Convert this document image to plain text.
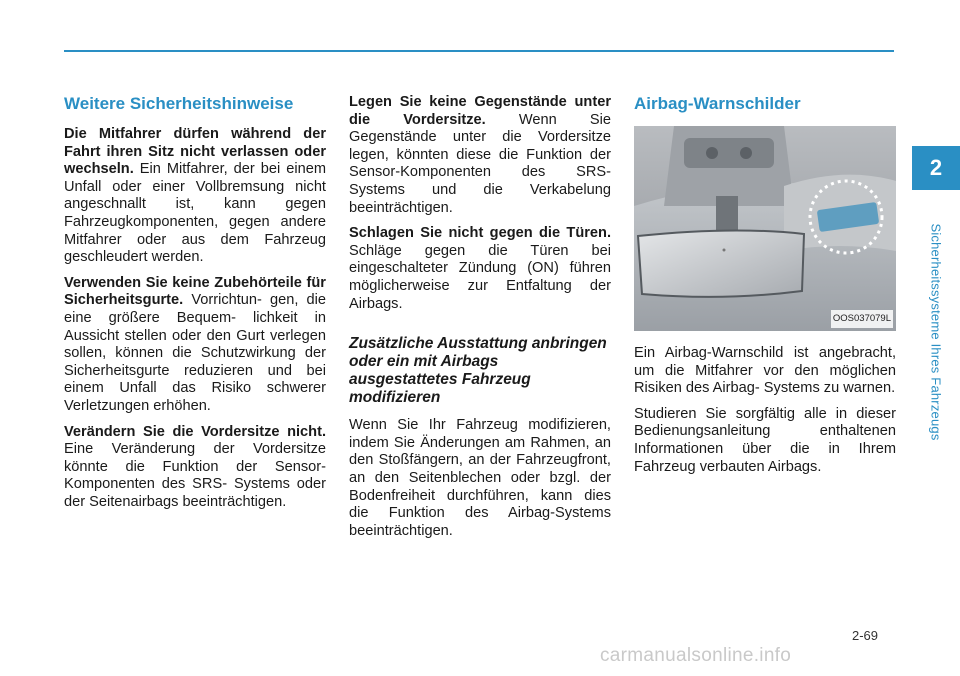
Weitere Sicherheitshinweise

Die Mitfahrer dürfen während der Fahrt ihren Sitz nicht verlassen oder wechseln. Ein Mitfahrer, der bei einem Unfall oder einer Vollbremsung nicht angeschnallt ist, kann gegen Fahrzeugkomponenten, gegen andere Mitfahrer oder aus dem Fahrzeug geschleudert werden.

Verwenden Sie keine Zubehörteile für Sicherheitsgurte. Vorrichtun- gen, die eine größere Bequem- lichkeit in Aussicht stellen oder den Gurt verlegen sollen, können die Schutzwirkung der Sicherheitsgurte reduzieren und bei einem Unfall das Risiko schwerer Verletzungen erhöhen.

Verändern Sie die Vordersitze nicht. Eine Veränderung der Vordersitze könnte die Funktion der Sensor- Komponenten des SRS- Systems oder der Seitenairbags beeinträchtigen.

Legen Sie keine Gegenstände unter die Vordersitze. Wenn Sie Gegenstände unter die Vordersitze legen, könnten diese die Funktion der Sensor-Komponenten des SRS-Systems und die Verkabelung beeinträchtigen.

Schlagen Sie nicht gegen die Türen. Schläge gegen die Türen bei eingeschalteter Zündung (ON) führen möglicherweise zur Entfaltung der Airbags.

Zusätzliche Ausstattung anbringen oder ein mit Airbags ausgestattetes Fahrzeug modifizieren

Wenn Sie Ihr Fahrzeug modifizieren, indem Sie Änderungen am Rahmen, an den Stoßfängern, an der Fahrzeugfront, an den Seitenblechen oder bzgl. der Bodenfreiheit durchführen, kann dies die Funktion des Airbag-Systems beeinträchtigen.

Airbag-Warnschilder
OOS037079L

Ein Airbag-Warnschild ist angebracht, um die Mitfahrer vor den möglichen Risiken des Airbag- Systems zu warnen.

Studieren Sie sorgfältig alle in dieser Bedienungsanleitung enthaltenen Informationen über die in Ihrem Fahrzeug verbauten Airbags.

2
Sicherheitssysteme Ihres Fahrzeugs
2-69
carmanualsonline.info
